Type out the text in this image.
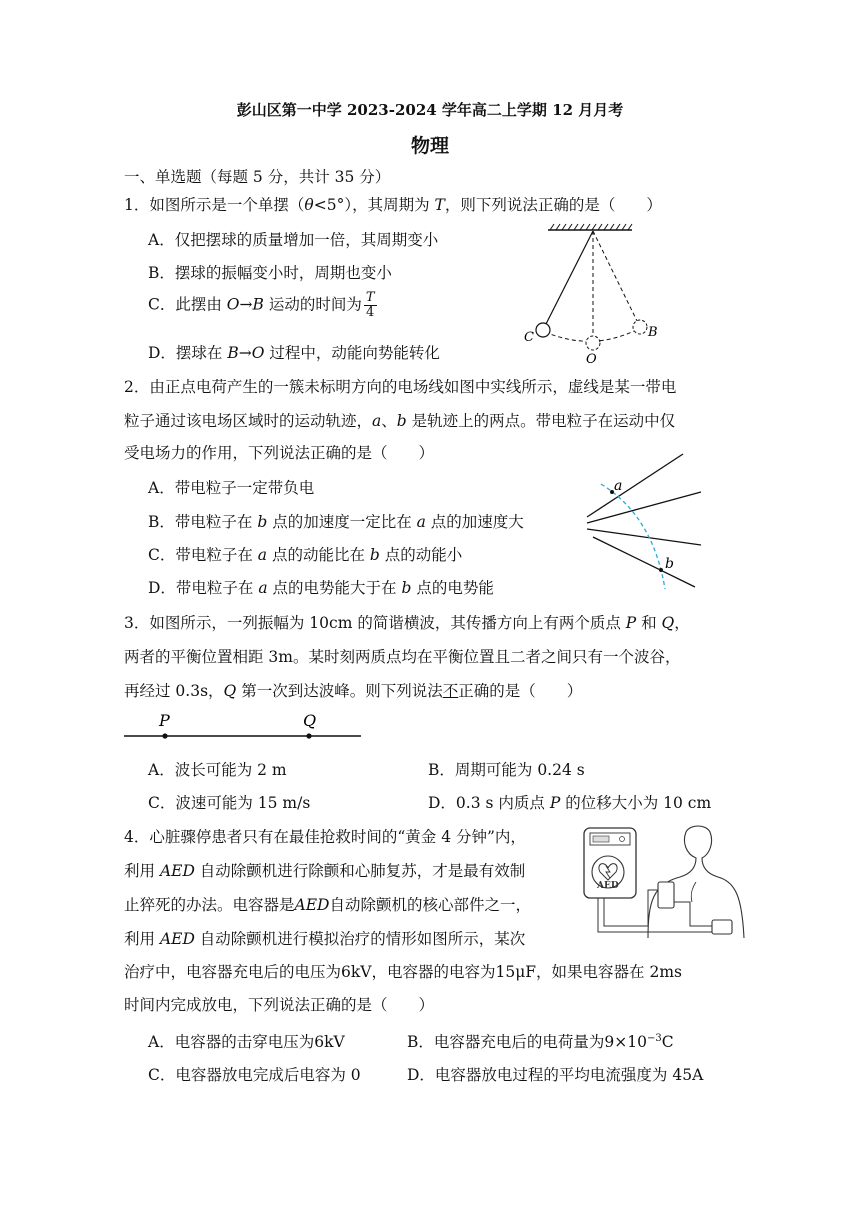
彭山区第一中学 2023-2024 学年高二上学期 12 月月考
物理
一、单选题（每题 5 分，共计 35 分）
1．如图所示是一个单摆（θ<5°），其周期为 T，则下列说法正确的是（　　）
A．仅把摆球的质量增加一倍，其周期变小
B．摆球的振幅变小时，周期也变小
C．此摆由 O→B 运动的时间为 $\frac{T}{4}$
D．摆球在 B→O 过程中，动能向势能转化
C
O
B
2．由正点电荷产生的一簇未标明方向的电场线如图中实线所示，虚线是某一带电
粒子通过该电场区域时的运动轨迹，a、b 是轨迹上的两点。带电粒子在运动中仅
受电场力的作用，下列说法正确的是（　　）
A．带电粒子一定带负电
B．带电粒子在 b 点的加速度一定比在 a 点的加速度大
C．带电粒子在 a 点的动能比在 b 点的动能小
D．带电粒子在 a 点的电势能大于在 b 点的电势能
a
b
3．如图所示，一列振幅为 10cm 的简谐横波，其传播方向上有两个质点 P 和 Q，
两者的平衡位置相距 3m。某时刻两质点均在平衡位置且二者之间只有一个波谷，
再经过 0.3s，Q 第一次到达波峰。则下列说法不正确的是（　　）
P	Q
A．波长可能为 2 m	B．周期可能为 0.24 s
C．波速可能为 15 m/s	D．0.3 s 内质点 P 的位移大小为 10 cm
4．心脏骤停患者只有在最佳抢救时间的“黄金 4 分钟”内，
利用 AED 自动除颤机进行除颤和心肺复苏，才是最有效制
止猝死的办法。电容器是AED自动除颤机的核心部件之一，
利用 AED 自动除颤机进行模拟治疗的情形如图所示，某次
治疗中，电容器充电后的电压为6kV，电容器的电容为15μF，如果电容器在 2ms
时间内完成放电，下列说法正确的是（　　）
AED
A．电容器的击穿电压为6kV	B．电容器充电后的电荷量为$9\times 10^{-3}C$
C．电容器放电完成后电容为 0	D．电容器放电过程的平均电流强度为 45A
